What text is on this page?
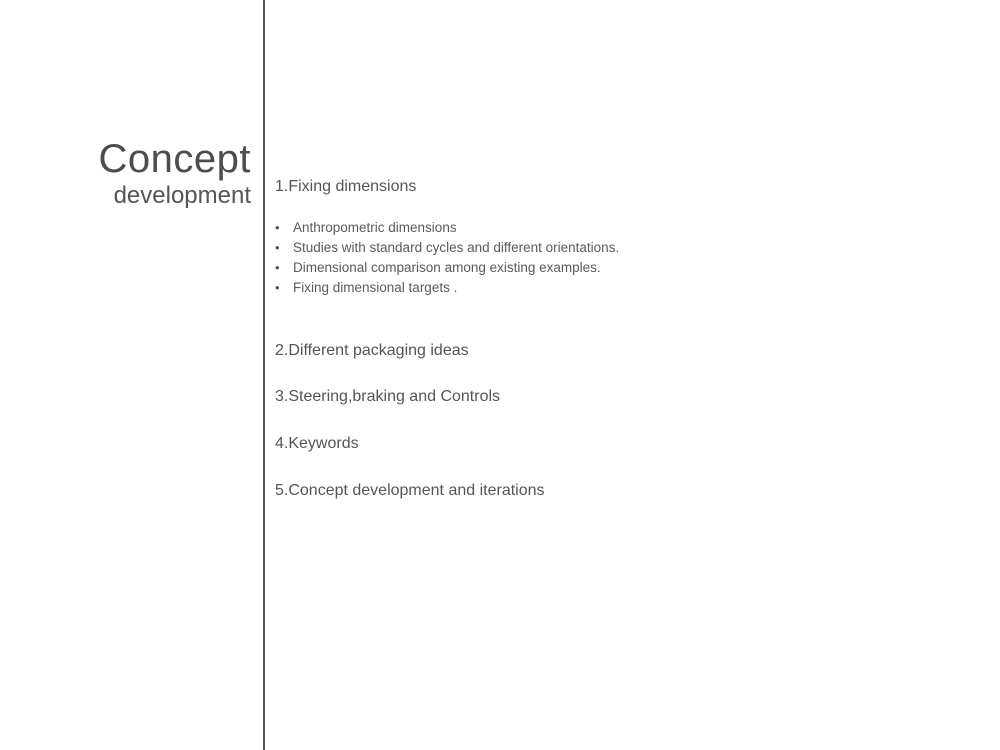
Concept
development 1.Fixing dimensions
• Anthropometric dimensions
• Studies with standard cycles and different orientations.
• Dimensional comparison among existing examples.
• Fixing dimensional targets .
2.Different packaging ideas
3.Steering,braking and Controls
4.Keywords
5.Concept development and iterations
